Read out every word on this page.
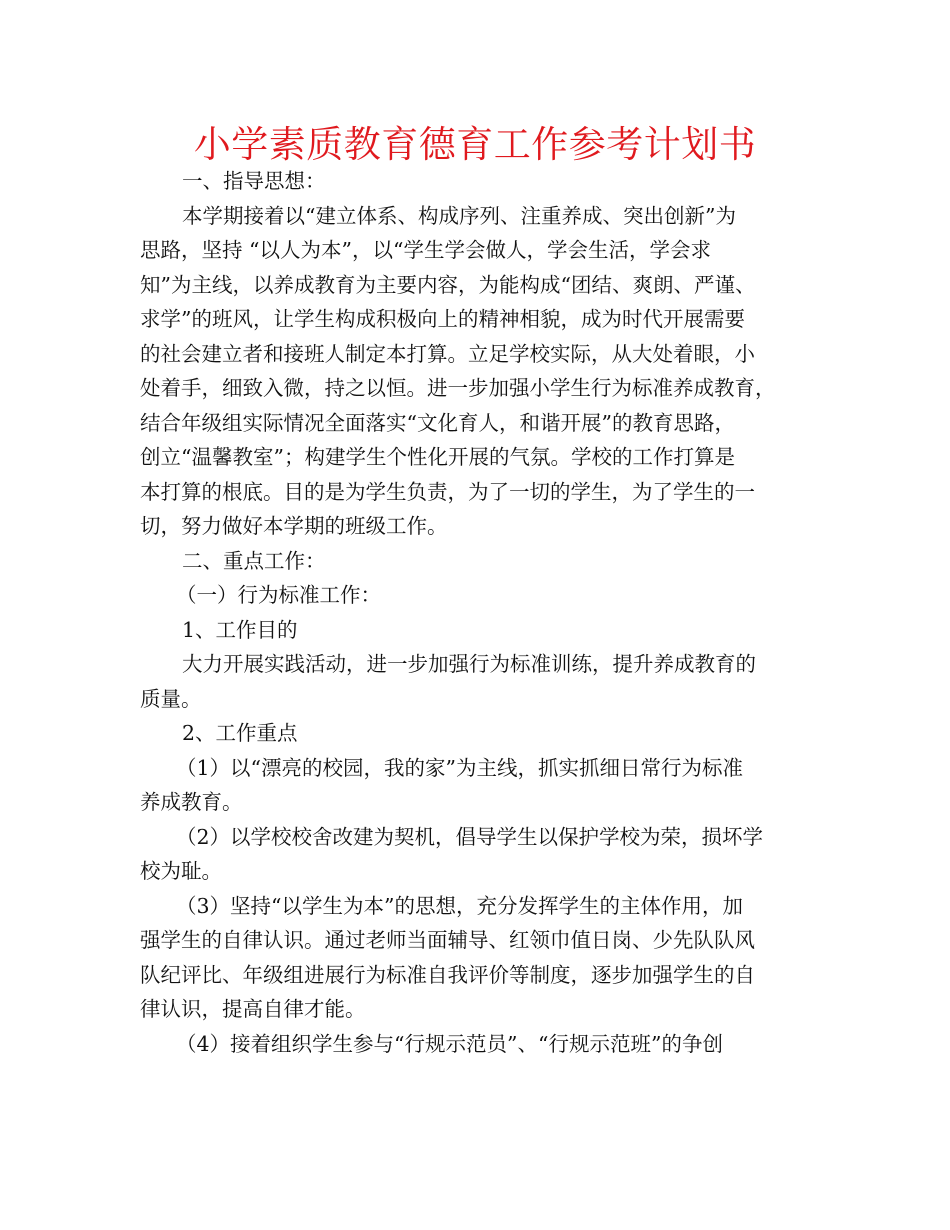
小学素质教育德育工作参考计划书
一、指导思想：
本学期接着以“建立体系、构成序列、注重养成、突出创新”为
思路，坚持 “以人为本”，以“学生学会做人，学会生活，学会求
知”为主线，以养成教育为主要内容，为能构成“团结、爽朗、严谨、
求学”的班风，让学生构成积极向上的精神相貌，成为时代开展需要
的社会建立者和接班人制定本打算。立足学校实际，从大处着眼，小
处着手，细致入微，持之以恒。进一步加强小学生行为标准养成教育，
结合年级组实际情况全面落实“文化育人，和谐开展”的教育思路，
创立“温馨教室”；构建学生个性化开展的气氛。学校的工作打算是
本打算的根底。目的是为学生负责，为了一切的学生，为了学生的一
切，努力做好本学期的班级工作。
二、重点工作：
（一）行为标准工作：
1、工作目的
大力开展实践活动，进一步加强行为标准训练，提升养成教育的
质量。
2、工作重点
（1）以“漂亮的校园，我的家”为主线，抓实抓细日常行为标准
养成教育。
（2）以学校校舍改建为契机，倡导学生以保护学校为荣，损坏学
校为耻。
（3）坚持“以学生为本”的思想，充分发挥学生的主体作用，加
强学生的自律认识。通过老师当面辅导、红领巾值日岗、少先队队风
队纪评比、年级组进展行为标准自我评价等制度，逐步加强学生的自
律认识，提高自律才能。
（4）接着组织学生参与“行规示范员”、“行规示范班”的争创
